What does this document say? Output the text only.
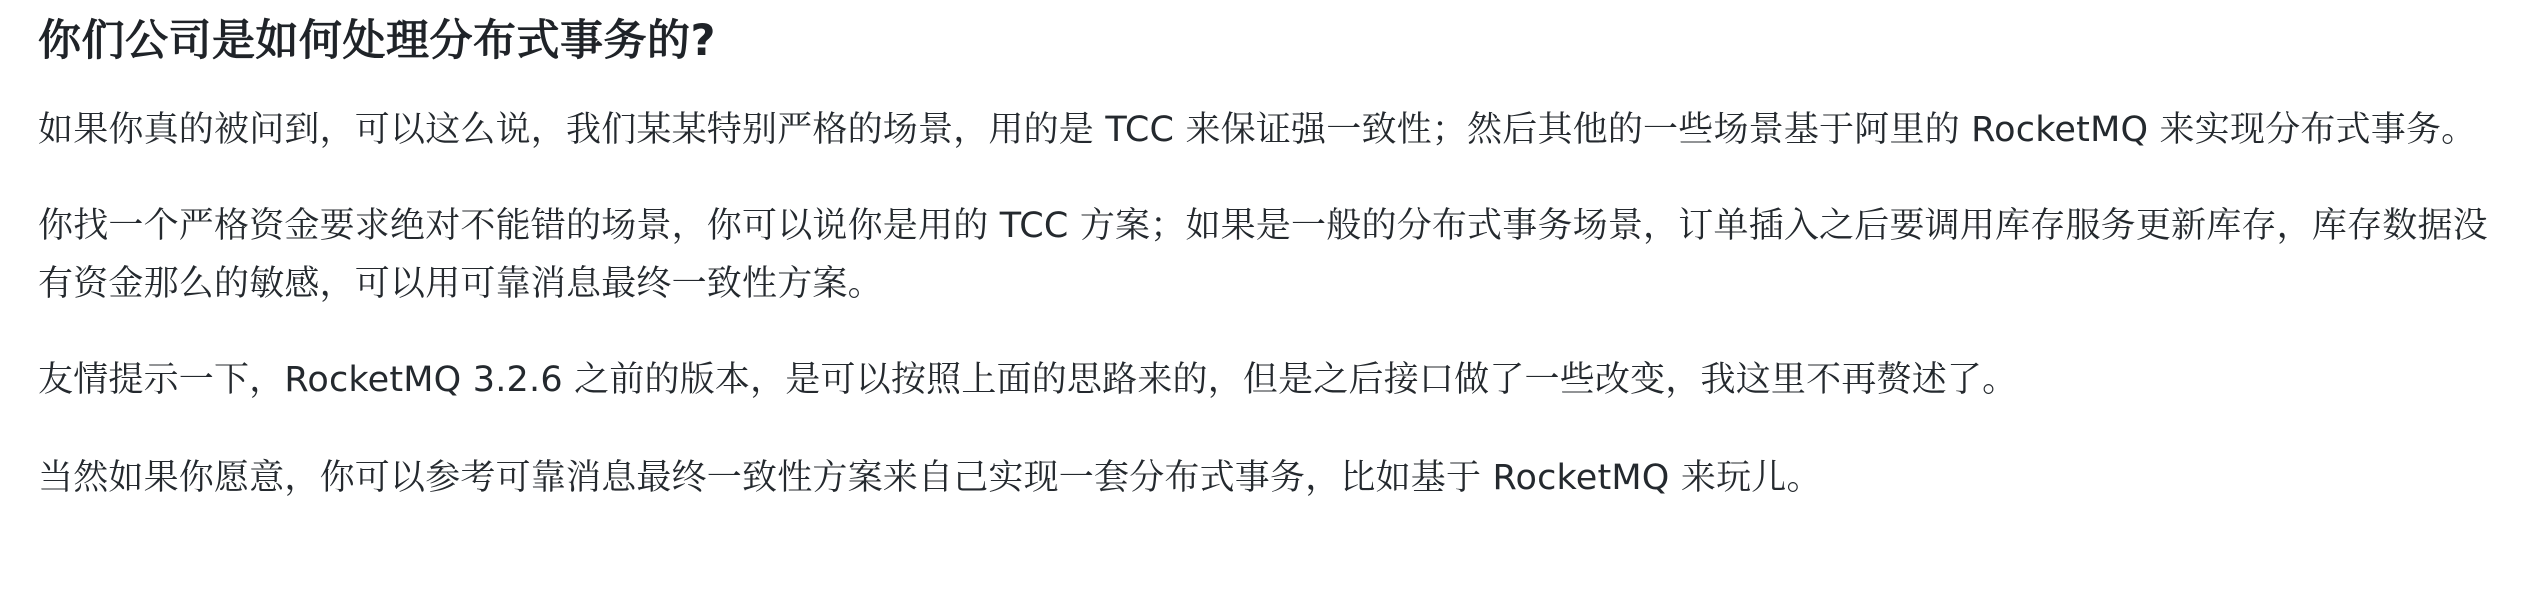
你们公司是如何处理分布式事务的?

如果你真的被问到，可以这么说，我们某某特别严格的场景，用的是 TCC 来保证强一致性；然后其他的一些场景基于阿里的 RocketMQ 来实现分布式事务。

你找一个严格资金要求绝对不能错的场景，你可以说你是用的 TCC 方案；如果是一般的分布式事务场景，订单插入之后要调用库存服务更新库存，库存数据没有资金那么的敏感，可以用可靠消息最终一致性方案。

友情提示一下，RocketMQ 3.2.6 之前的版本，是可以按照上面的思路来的，但是之后接口做了一些改变，我这里不再赘述了。

当然如果你愿意，你可以参考可靠消息最终一致性方案来自己实现一套分布式事务，比如基于 RocketMQ 来玩儿。
